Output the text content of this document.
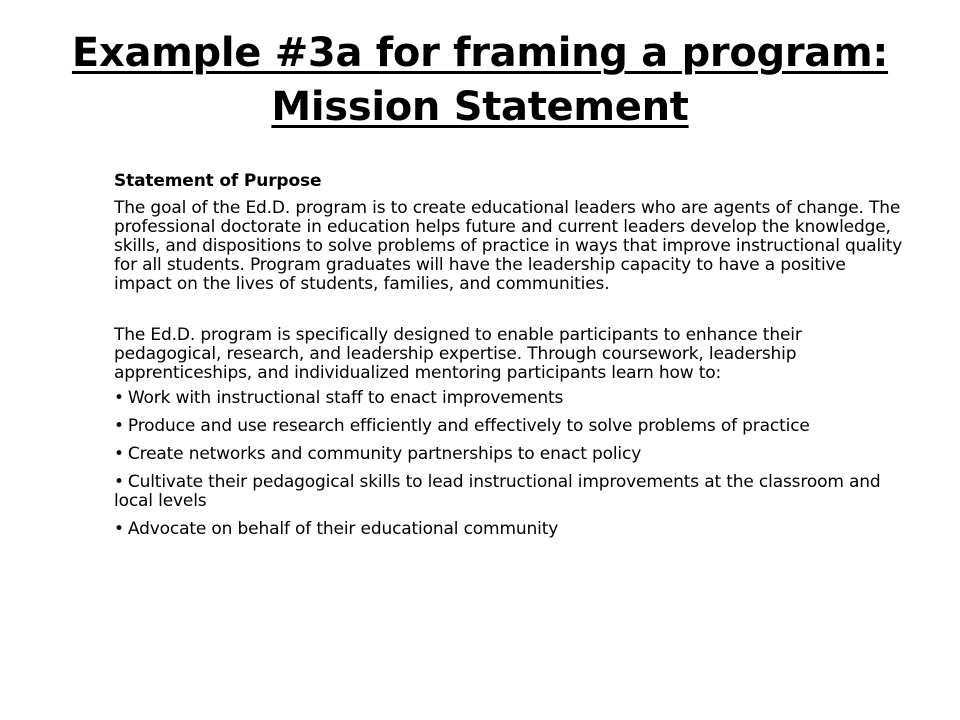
Example #3a for framing a program:
Mission Statement

Statement of Purpose

The goal of the Ed.D. program is to create educational leaders who are agents of change. The professional doctorate in education helps future and current leaders develop the knowledge, skills, and dispositions to solve problems of practice in ways that improve instructional quality for all students. Program graduates will have the leadership capacity to have a positive impact on the lives of students, families, and communities.

The Ed.D. program is specifically designed to enable participants to enhance their pedagogical, research, and leadership expertise. Through coursework, leadership apprenticeships, and individualized mentoring participants learn how to:

• Work with instructional staff to enact improvements
• Produce and use research efficiently and effectively to solve problems of practice
• Create networks and community partnerships to enact policy
• Cultivate their pedagogical skills to lead instructional improvements at the classroom and local levels
• Advocate on behalf of their educational community
